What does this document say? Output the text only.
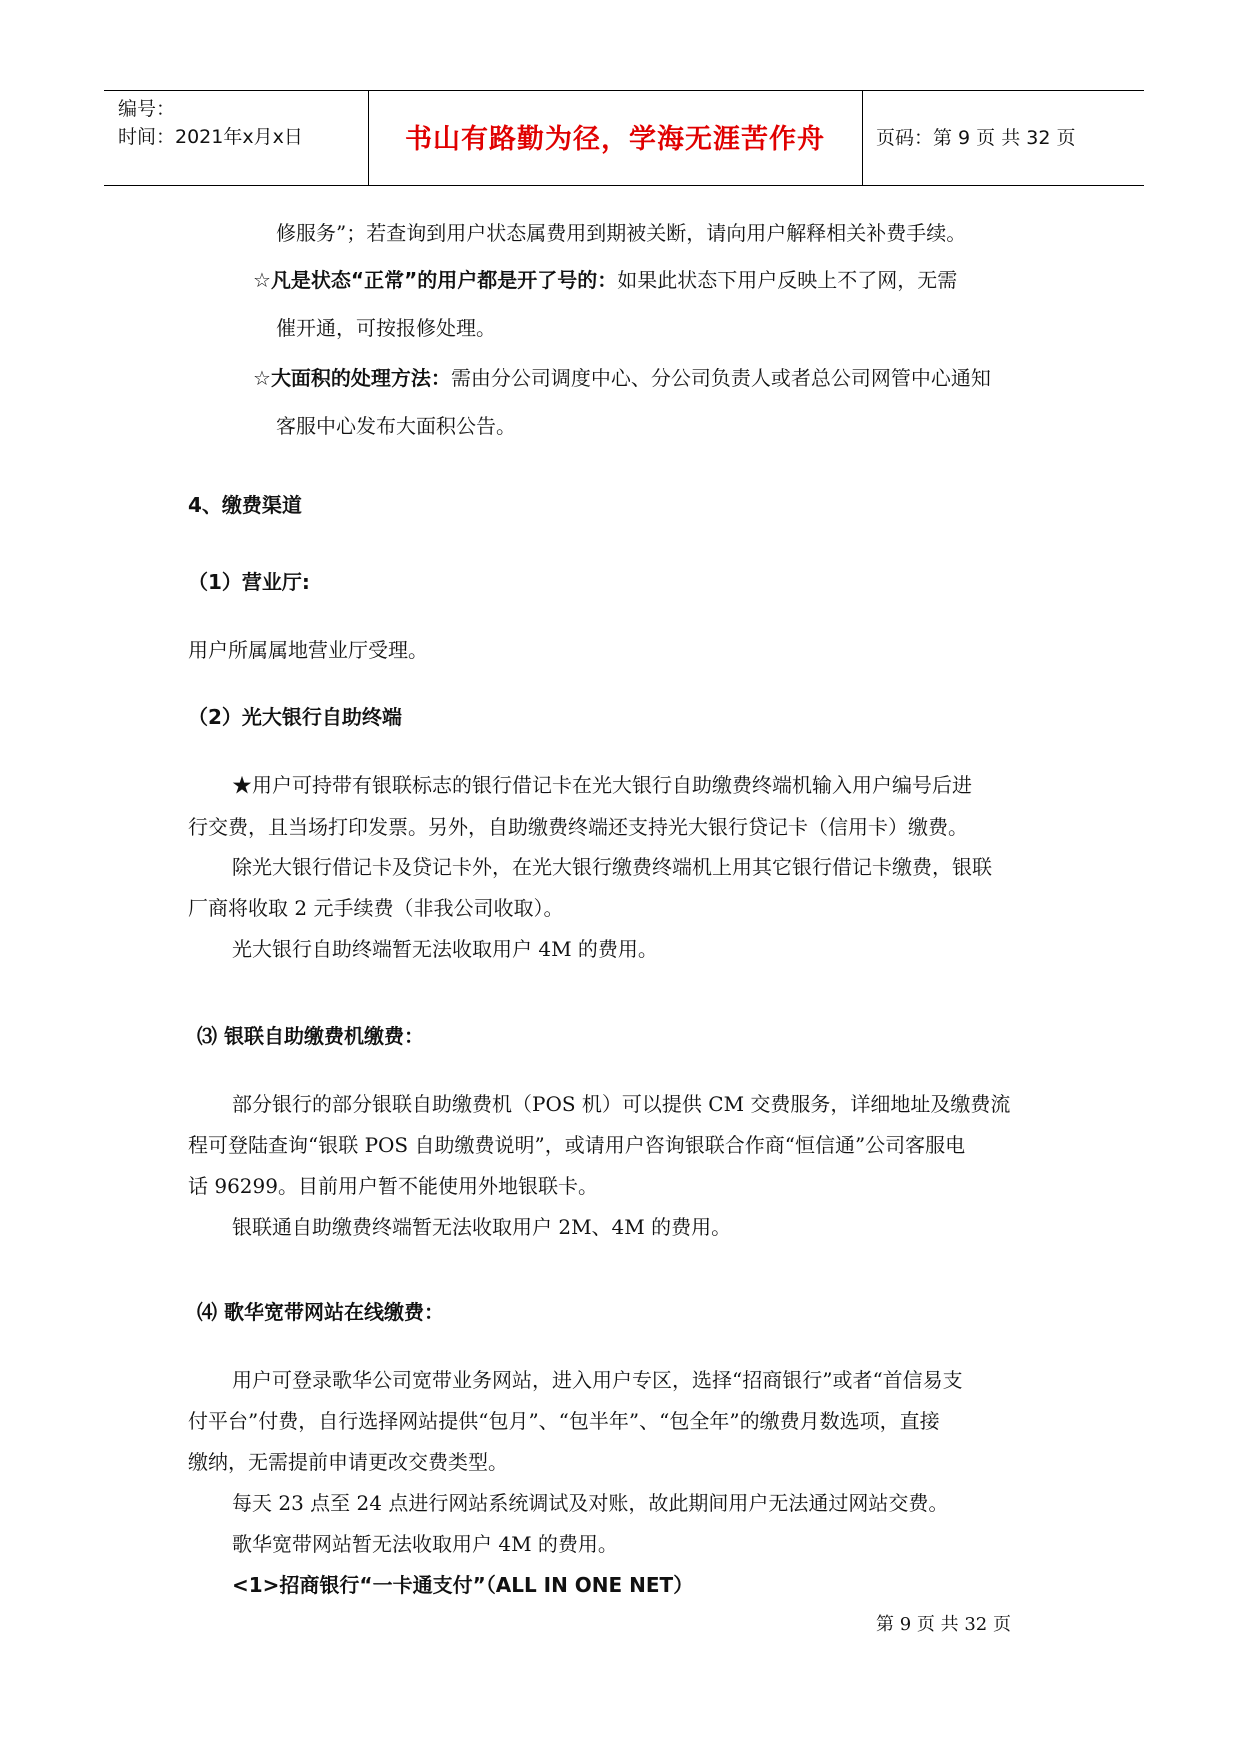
编号：
时间：2021年x月x日	书山有路勤为径，学海无涯苦作舟	页码：第 9 页 共 32 页
修服务”；若查询到用户状态属费用到期被关断，请向用户解释相关补费手续。
☆凡是状态“正常”的用户都是开了号的：如果此状态下用户反映上不了网，无需
催开通，可按报修处理。
☆大面积的处理方法：需由分公司调度中心、分公司负责人或者总公司网管中心通知
客服中心发布大面积公告。
4、缴费渠道
（1）营业厅:
用户所属属地营业厅受理。
（2）光大银行自助终端
★用户可持带有银联标志的银行借记卡在光大银行自助缴费终端机输入用户编号后进
行交费，且当场打印发票。另外，自助缴费终端还支持光大银行贷记卡（信用卡）缴费。
除光大银行借记卡及贷记卡外，在光大银行缴费终端机上用其它银行借记卡缴费，银联
厂商将收取 2 元手续费（非我公司收取）。
光大银行自助终端暂无法收取用户 4M 的费用。
⑶ 银联自助缴费机缴费：
部分银行的部分银联自助缴费机（POS 机）可以提供 CM 交费服务，详细地址及缴费流
程可登陆查询“银联 POS 自助缴费说明”，或请用户咨询银联合作商“恒信通”公司客服电
话 96299。目前用户暂不能使用外地银联卡。
银联通自助缴费终端暂无法收取用户 2M、4M 的费用。
⑷ 歌华宽带网站在线缴费：
用户可登录歌华公司宽带业务网站，进入用户专区，选择“招商银行”或者“首信易支
付平台”付费，自行选择网站提供“包月”、“包半年”、“包全年”的缴费月数选项，直接
缴纳，无需提前申请更改交费类型。
每天 23 点至 24 点进行网站系统调试及对账，故此期间用户无法通过网站交费。
歌华宽带网站暂无法收取用户 4M 的费用。
<1>招商银行“一卡通支付”（ALL IN ONE NET）
第 9 页 共 32 页
